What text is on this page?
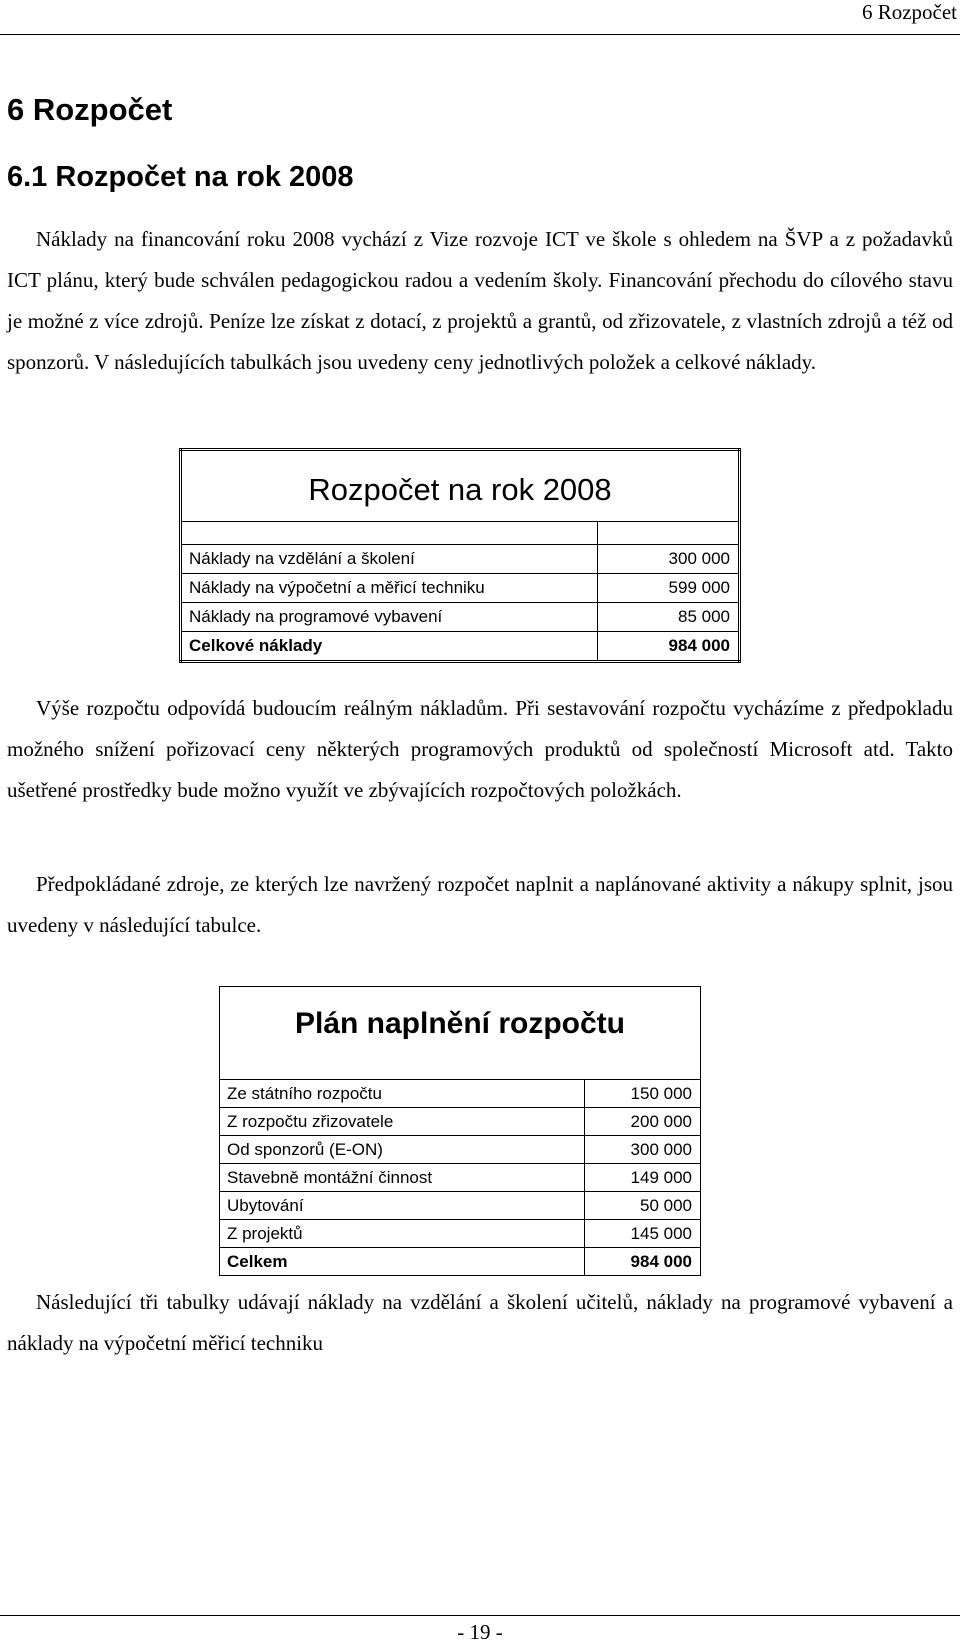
6 Rozpočet
6 Rozpočet
6.1 Rozpočet na rok 2008

Náklady na financování roku 2008 vychází z Vize rozvoje ICT ve škole s ohledem na ŠVP a z požadavků ICT plánu, který bude schválen pedagogickou radou a vedením školy. Financování přechodu do cílového stavu je možné z více zdrojů. Peníze lze získat z dotací, z projektů a grantů, od zřizovatele, z vlastních zdrojů a též od sponzorů. V následujících tabulkách jsou uvedeny ceny jednotlivých položek a celkové náklady.

Rozpočet na rok 2008	

Náklady na vzdělání a školení	300 000
Náklady na výpočetní a měřicí techniku	599 000
Náklady na programové vybavení	85 000
Celkové náklady	984 000

Výše rozpočtu odpovídá budoucím reálným nákladům. Při sestavování rozpočtu vycházíme z předpokladu možného snížení pořizovací ceny některých programových produktů od společností Microsoft atd. Takto ušetřené prostředky bude možno využít ve zbývajících rozpočtových položkách.

Předpokládané zdroje, ze kterých lze navržený rozpočet naplnit a naplánované aktivity a nákupy splnit, jsou uvedeny v následující tabulce.

Plán naplnění rozpočtu	

Ze státního rozpočtu	150 000
Z rozpočtu zřizovatele	200 000
Od sponzorů (E-ON)	300 000
Stavebně montážní činnost	149 000
Ubytování	50 000
Z projektů	145 000
Celkem	984 000

Následující tři tabulky udávají náklady na vzdělání a školení učitelů, náklady na programové vybavení a náklady na výpočetní měřicí techniku

- 19 -
